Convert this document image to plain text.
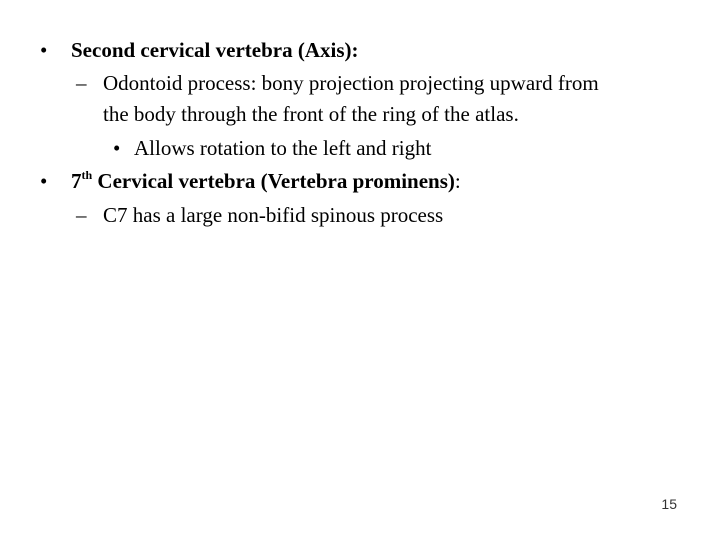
• Second cervical vertebra (Axis):
– Odontoid process: bony projection projecting upward from
the body through the front of the ring of the atlas.
• Allows rotation to the left and right
• 7th Cervical vertebra (Vertebra prominens):
– C7 has a large non-bifid spinous process
15
